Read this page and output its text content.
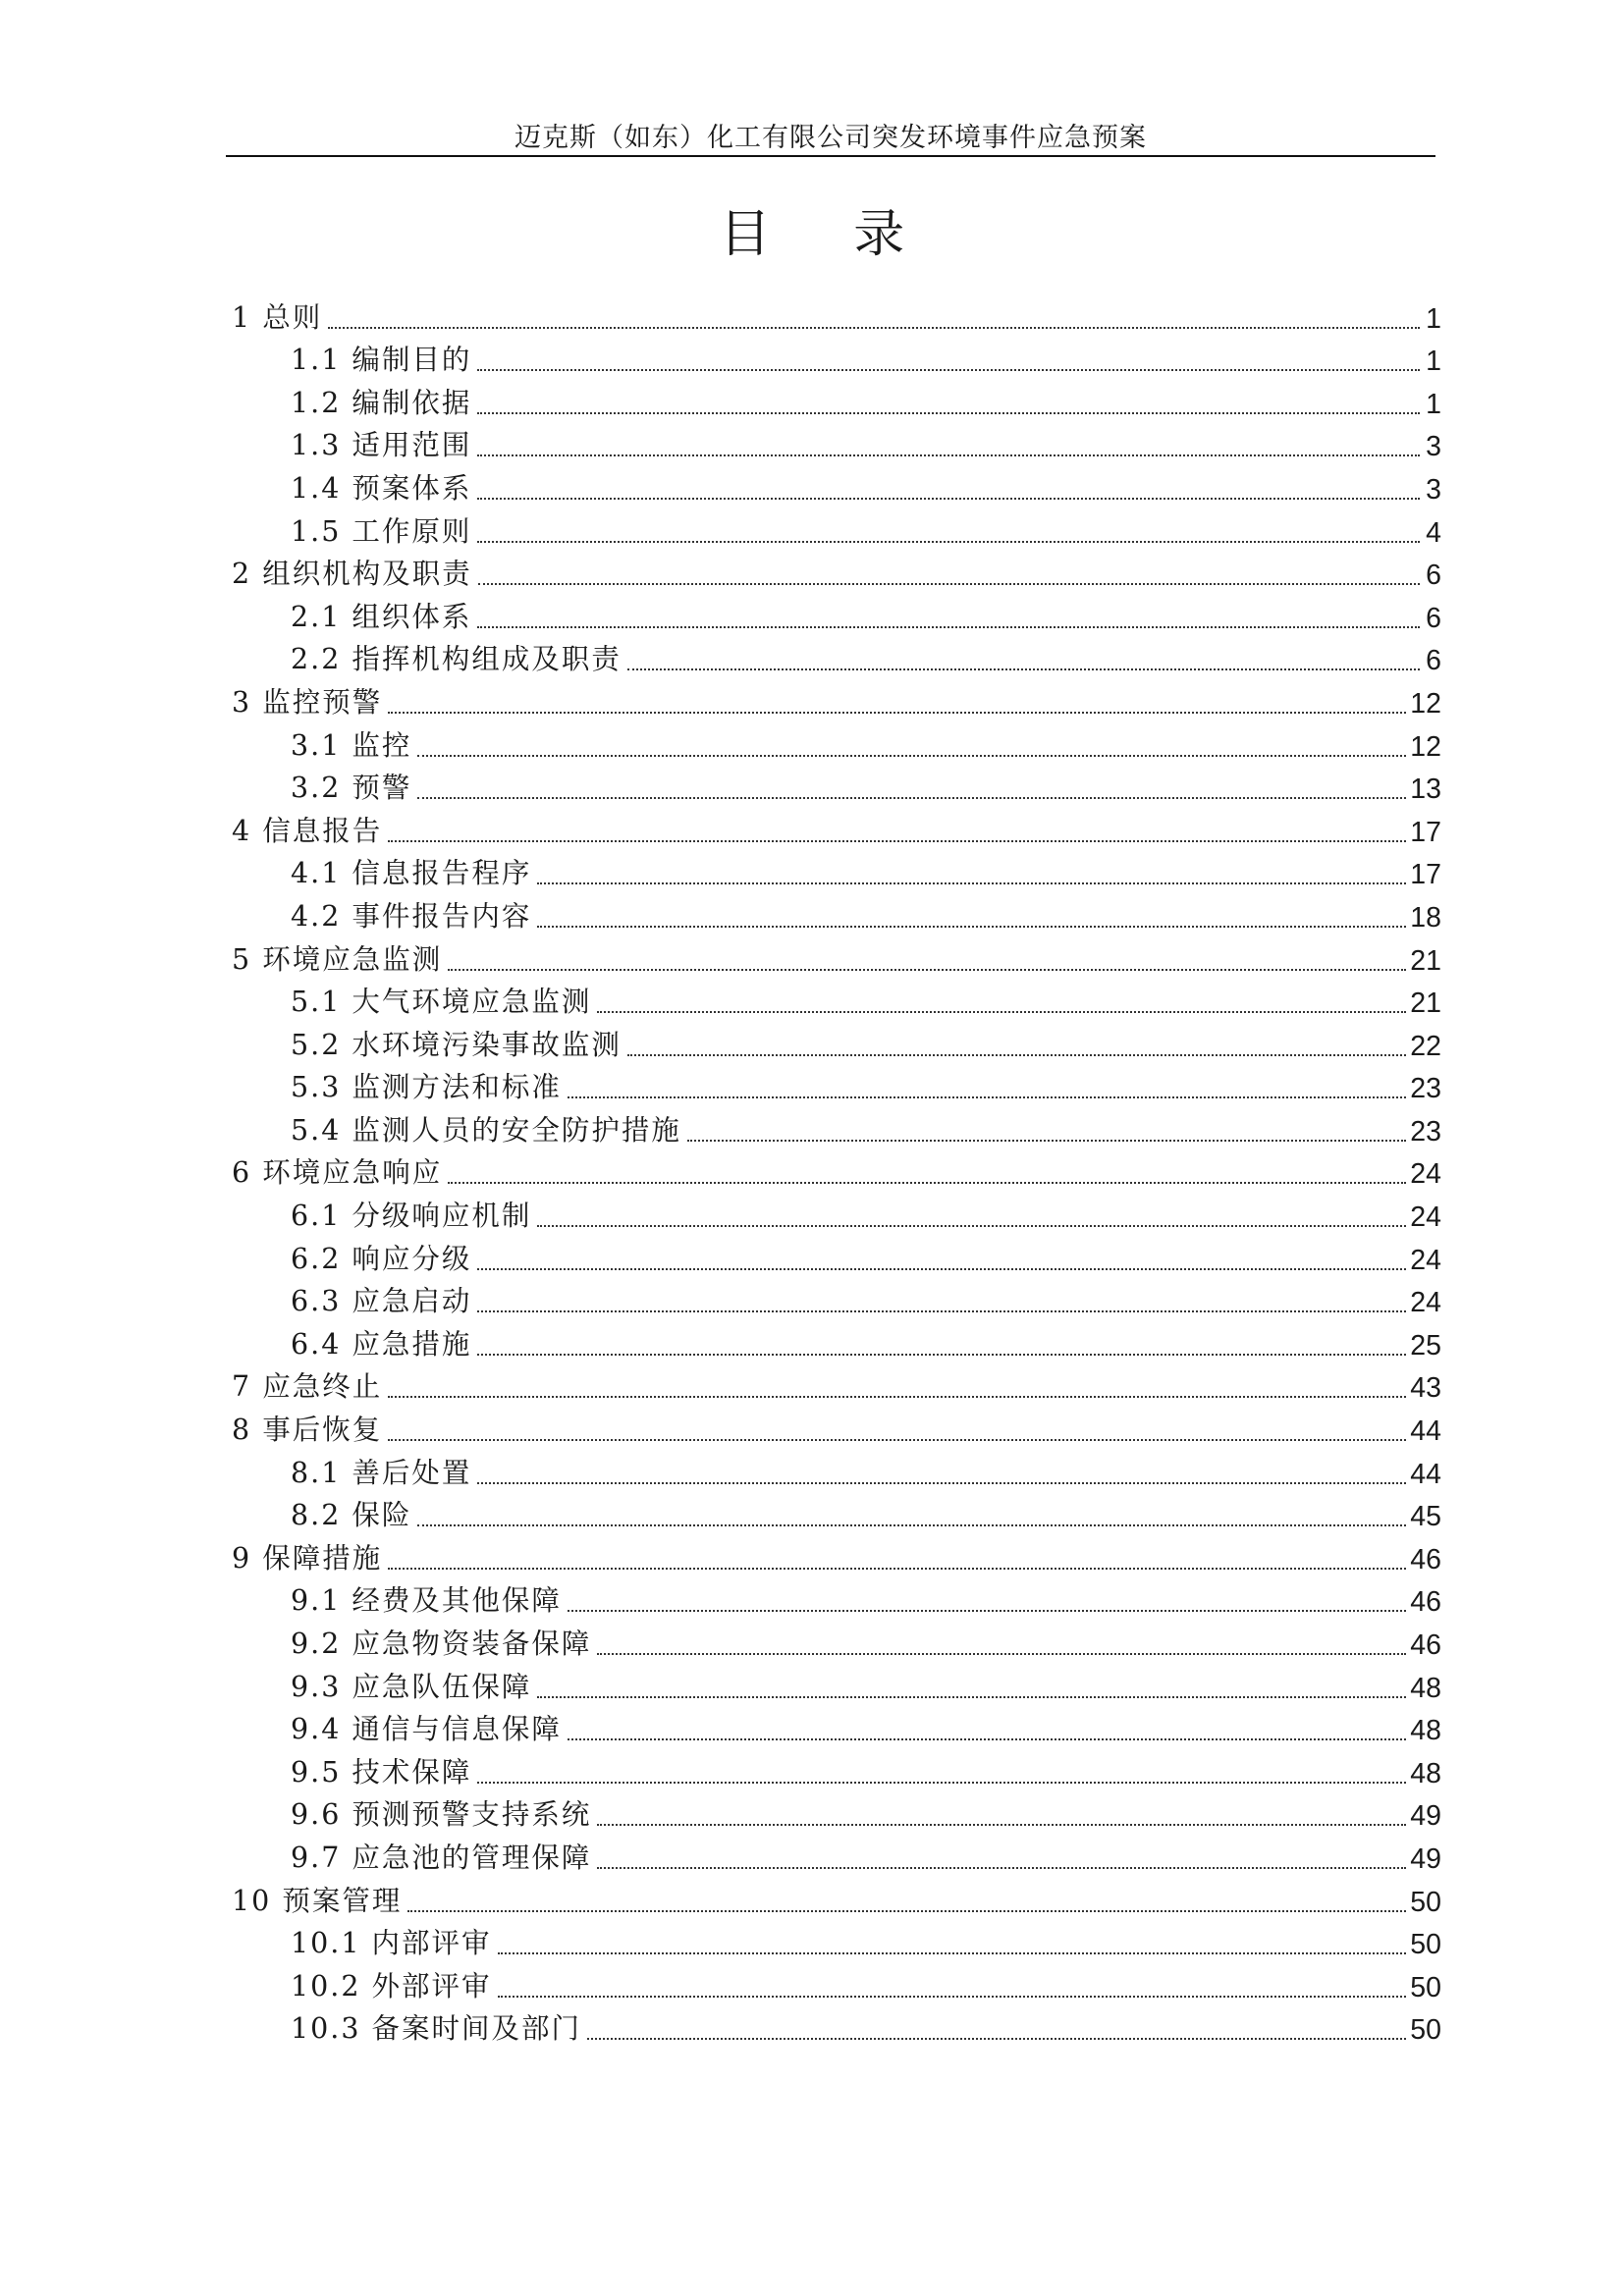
迈克斯（如东）化工有限公司突发环境事件应急预案
目 录
1 总则	1
1.1 编制目的	1
1.2 编制依据	1
1.3 适用范围	3
1.4 预案体系	3
1.5 工作原则	4
2 组织机构及职责	6
2.1 组织体系	6
2.2 指挥机构组成及职责	6
3 监控预警	12
3.1 监控	12
3.2 预警	13
4 信息报告	17
4.1 信息报告程序	17
4.2 事件报告内容	18
5 环境应急监测	21
5.1 大气环境应急监测	21
5.2 水环境污染事故监测	22
5.3 监测方法和标准	23
5.4 监测人员的安全防护措施	23
6 环境应急响应	24
6.1 分级响应机制	24
6.2 响应分级	24
6.3 应急启动	24
6.4 应急措施	25
7 应急终止	43
8 事后恢复	44
8.1 善后处置	44
8.2 保险	45
9 保障措施	46
9.1 经费及其他保障	46
9.2 应急物资装备保障	46
9.3 应急队伍保障	48
9.4 通信与信息保障	48
9.5 技术保障	48
9.6 预测预警支持系统	49
9.7 应急池的管理保障	49
10 预案管理	50
10.1 内部评审	50
10.2 外部评审	50
10.3 备案时间及部门	50
